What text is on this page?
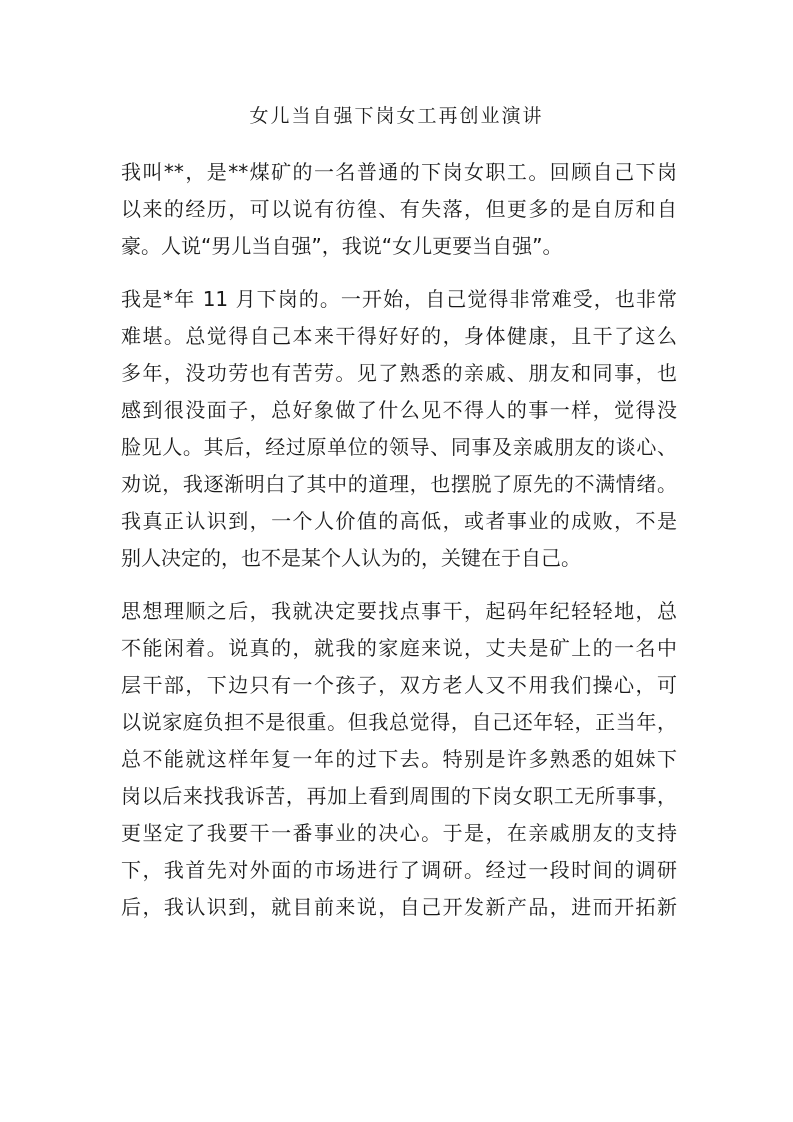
女儿当自强下岗女工再创业演讲
我叫**，是**煤矿的一名普通的下岗女职工。回顾自己下岗
以来的经历，可以说有彷徨、有失落，但更多的是自厉和自
豪。人说“男儿当自强”，我说“女儿更要当自强”。
我是*年 11 月下岗的。一开始，自己觉得非常难受，也非常
难堪。总觉得自己本来干得好好的，身体健康，且干了这么
多年，没功劳也有苦劳。见了熟悉的亲戚、朋友和同事，也
感到很没面子，总好象做了什么见不得人的事一样，觉得没
脸见人。其后，经过原单位的领导、同事及亲戚朋友的谈心、
劝说，我逐渐明白了其中的道理，也摆脱了原先的不满情绪。
我真正认识到，一个人价值的高低，或者事业的成败，不是
别人决定的，也不是某个人认为的，关键在于自己。
思想理顺之后，我就决定要找点事干，起码年纪轻轻地，总
不能闲着。说真的，就我的家庭来说，丈夫是矿上的一名中
层干部，下边只有一个孩子，双方老人又不用我们操心，可
以说家庭负担不是很重。但我总觉得，自己还年轻，正当年，
总不能就这样年复一年的过下去。特别是许多熟悉的姐妹下
岗以后来找我诉苦，再加上看到周围的下岗女职工无所事事，
更坚定了我要干一番事业的决心。于是，在亲戚朋友的支持
下，我首先对外面的市场进行了调研。经过一段时间的调研
后，我认识到，就目前来说，自己开发新产品，进而开拓新
